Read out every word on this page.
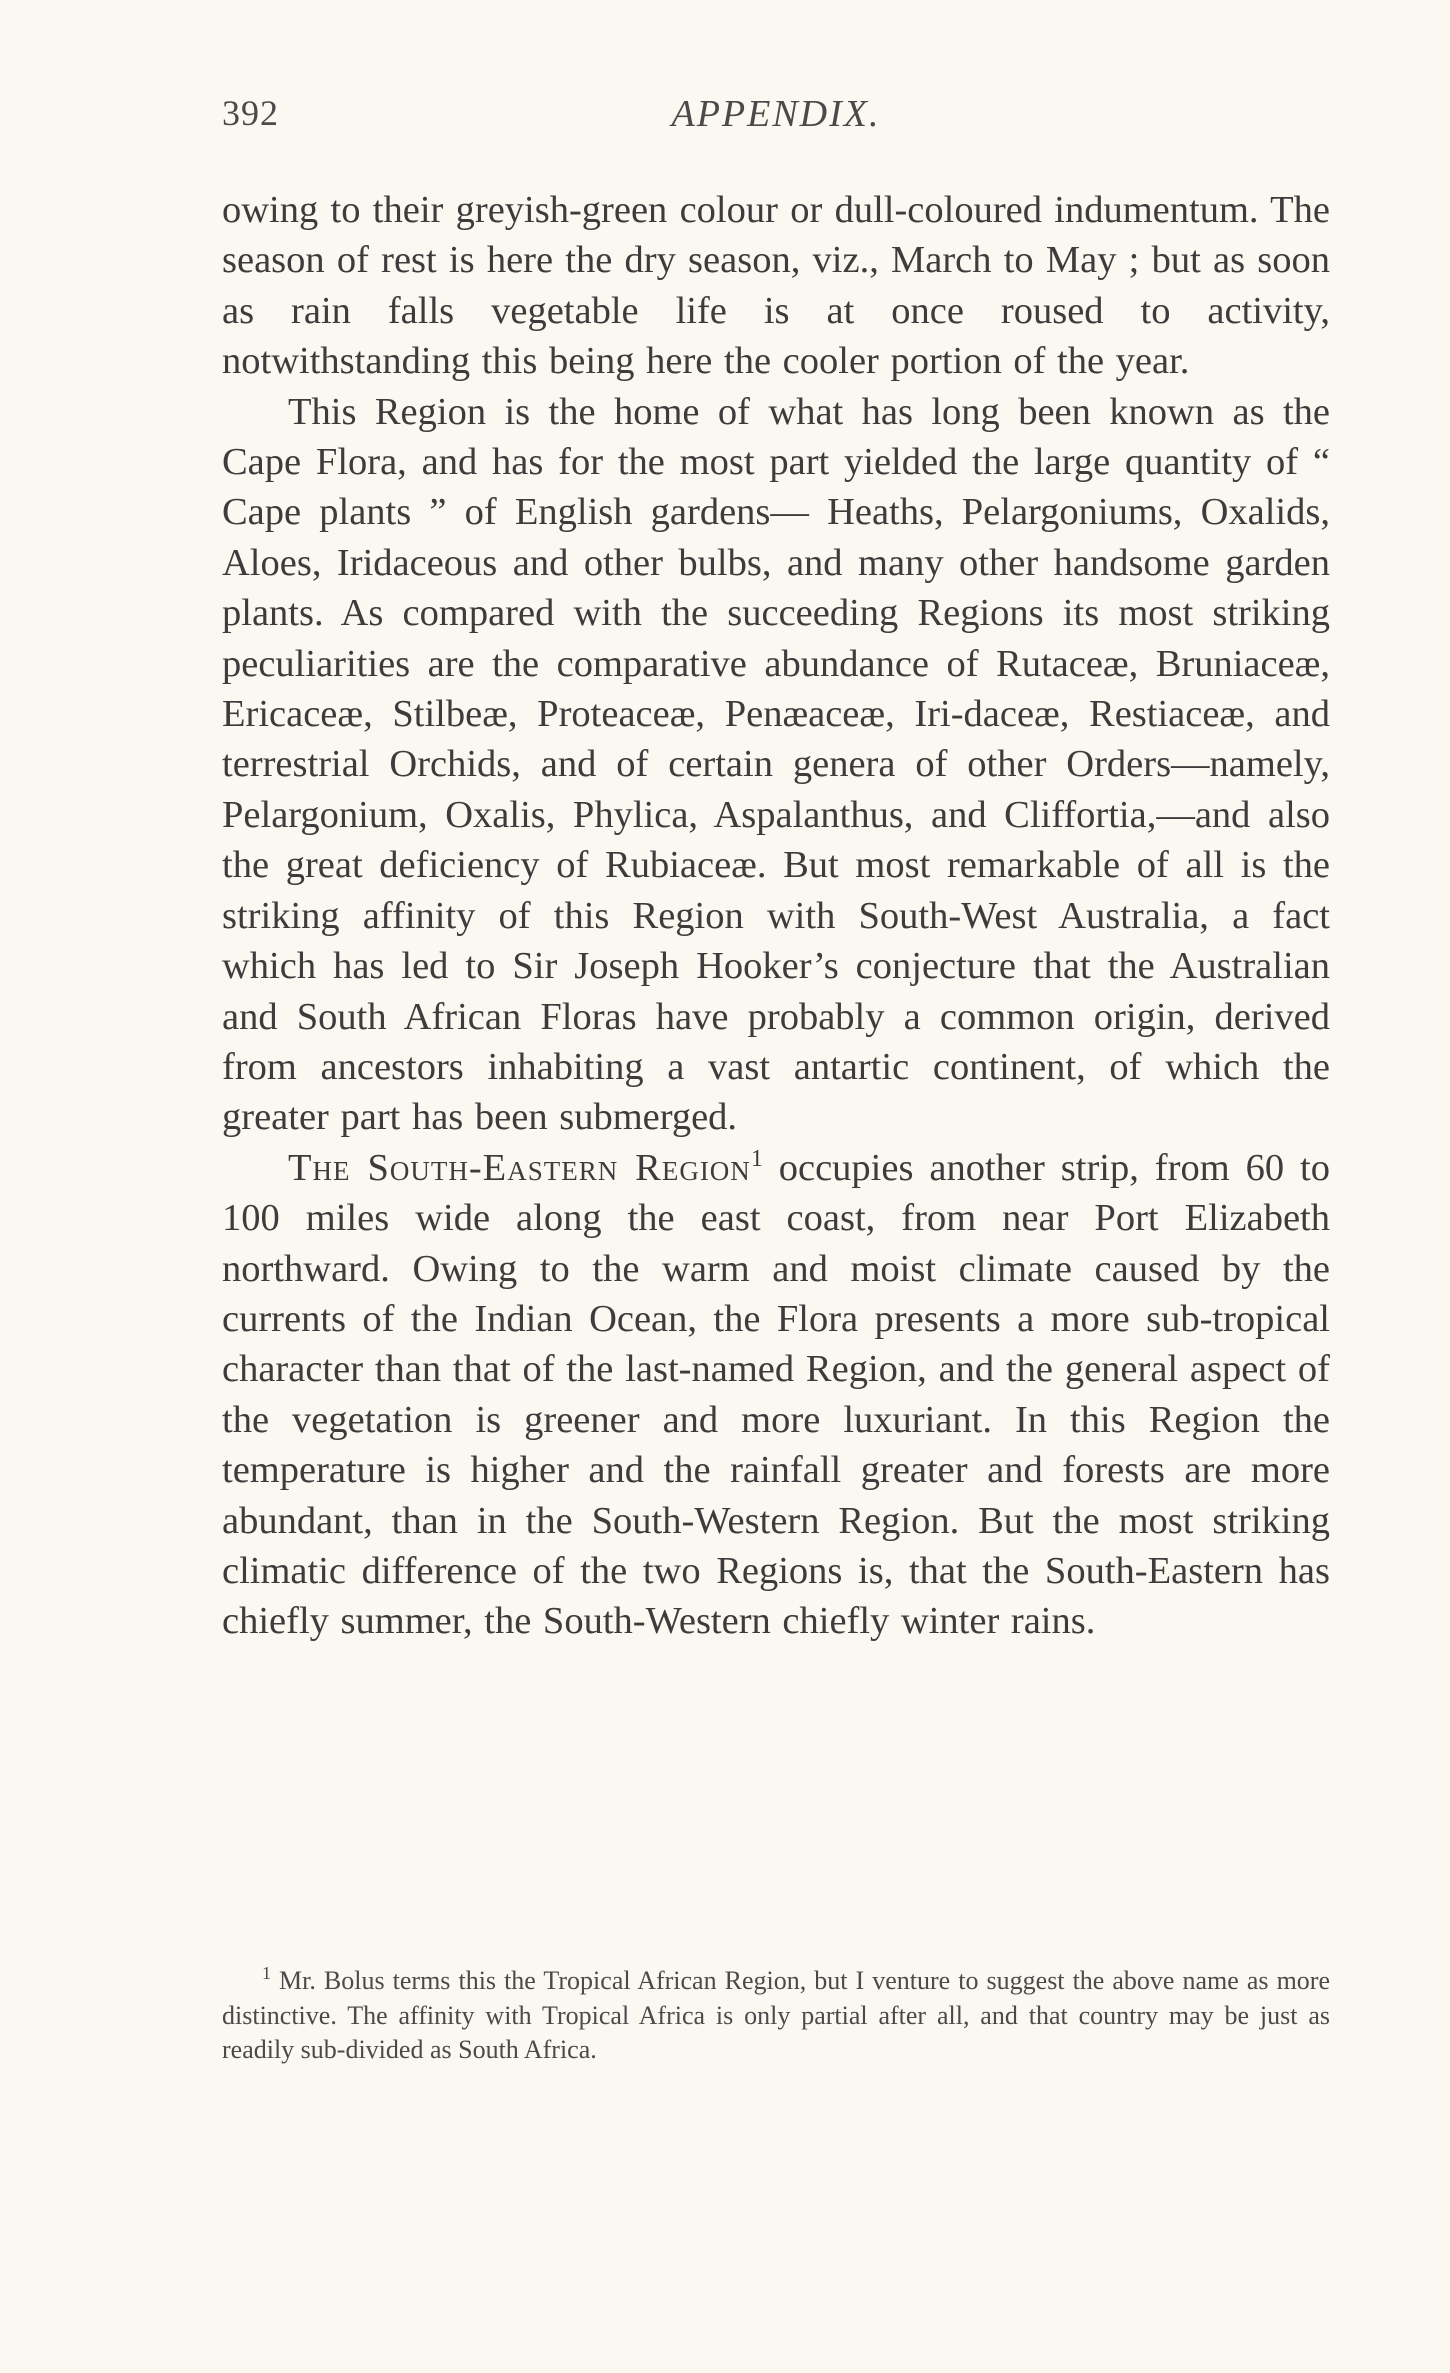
392	APPENDIX.

owing to their greyish-green colour or dull-coloured indumentum. The season of rest is here the dry season, viz., March to May ; but as soon as rain falls vegetable life is at once roused to activity, notwithstanding this being here the cooler portion of the year.

This Region is the home of what has long been known as the Cape Flora, and has for the most part yielded the large quantity of “ Cape plants ” of English gardens— Heaths, Pelargoniums, Oxalids, Aloes, Iridaceous and other bulbs, and many other handsome garden plants. As compared with the succeeding Regions its most striking peculiarities are the comparative abundance of Rutaceæ, Bruniaceæ, Ericaceæ, Stilbeæ, Proteaceæ, Penæaceæ, Iri-daceæ, Restiaceæ, and terrestrial Orchids, and of certain genera of other Orders—namely, Pelargonium, Oxalis, Phylica, Aspalanthus, and Cliffortia,—and also the great deficiency of Rubiaceæ. But most remarkable of all is the striking affinity of this Region with South-West Australia, a fact which has led to Sir Joseph Hooker’s conjecture that the Australian and South African Floras have probably a common origin, derived from ancestors inhabiting a vast antartic continent, of which the greater part has been submerged.

The South-Eastern Region$^1$ occupies another strip, from 60 to 100 miles wide along the east coast, from near Port Elizabeth northward. Owing to the warm and moist climate caused by the currents of the Indian Ocean, the Flora presents a more sub-tropical character than that of the last-named Region, and the general aspect of the vegetation is greener and more luxuriant. In this Region the temperature is higher and the rainfall greater and forests are more abundant, than in the South-Western Region. But the most striking climatic difference of the two Regions is, that the South-Eastern has chiefly summer, the South-Western chiefly winter rains.

$^1$ Mr. Bolus terms this the Tropical African Region, but I venture to suggest the above name as more distinctive. The affinity with Tropical Africa is only partial after all, and that country may be just as readily sub-divided as South Africa.
